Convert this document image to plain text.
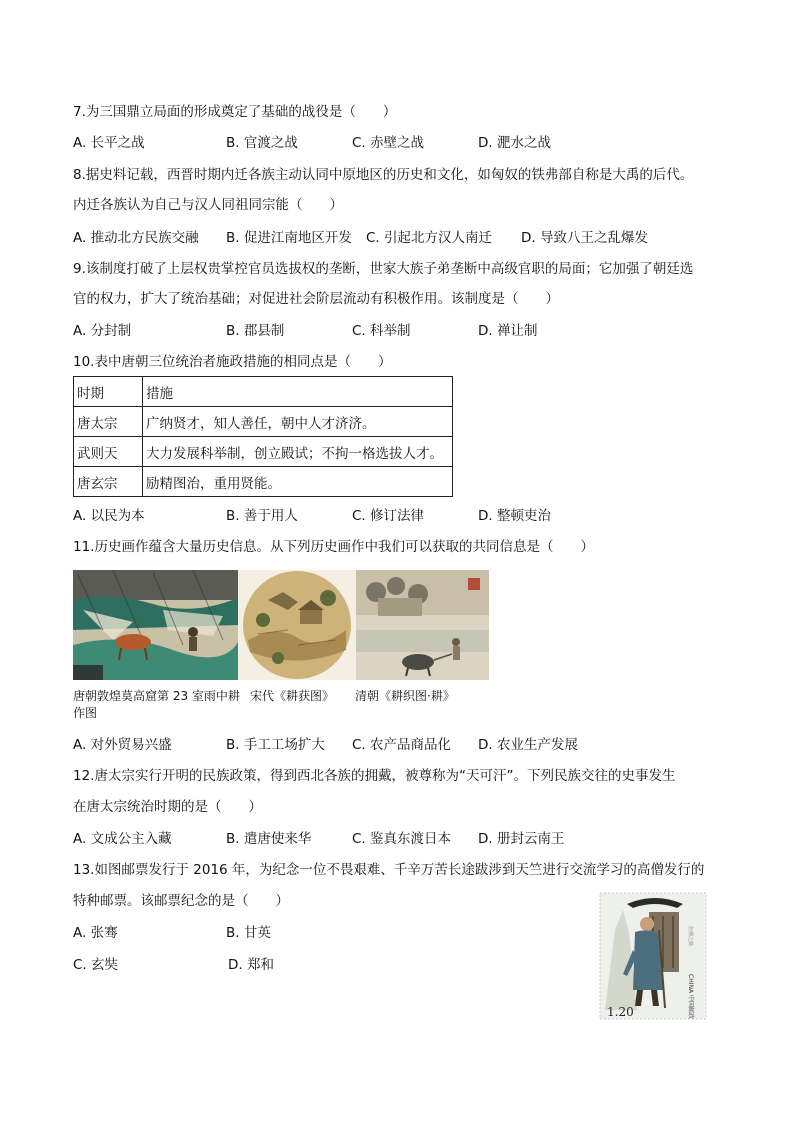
7.为三国鼎立局面的形成奠定了基础的战役是（　　）
A. 长平之战	B. 官渡之战	C. 赤壁之战	D. 淝水之战
8.据史料记载，西晋时期内迁各族主动认同中原地区的历史和文化，如匈奴的铁弗部自称是大禹的后代。
内迁各族认为自己与汉人同祖同宗能（　　）
A. 推动北方民族交融 B. 促进江南地区开发 C. 引起北方汉人南迁 D. 导致八王之乱爆发
9.该制度打破了上层权贵掌控官员选拔权的垄断，世家大族子弟垄断中高级官职的局面；它加强了朝廷选
官的权力，扩大了统治基础；对促进社会阶层流动有积极作用。该制度是（　　）
A. 分封制	B. 郡县制	C. 科举制	D. 禅让制
10.表中唐朝三位统治者施政措施的相同点是（　　）
时期	措施
唐太宗	广纳贤才，知人善任，朝中人才济济。
武则天	大力发展科举制，创立殿试；不拘一格选拔人才。
唐玄宗	励精图治，重用贤能。
A. 以民为本	B. 善于用人	C. 修订法律	D. 整顿吏治
11.历史画作蕴含大量历史信息。从下列历史画作中我们可以获取的共同信息是（　　）
唐朝敦煌莫高窟第 23 室雨中耕
作图
宋代《耕获图》 清朝《耕织图·耕》
A. 对外贸易兴盛	B. 手工工场扩大 C. 农产品商品化 D. 农业生产发展
12.唐太宗实行开明的民族政策，得到西北各族的拥戴，被尊称为“天可汗”。下列民族交往的史事发生
在唐太宗统治时期的是（　　）
A. 文成公主入藏	B. 遣唐使来华	C. 鉴真东渡日本 D. 册封云南王
13.如图邮票发行于 2016 年，为纪念一位不畏艰难、千辛万苦长途跋涉到天竺进行交流学习的高僧发行的
特种邮票。该邮票纪念的是（　　）
A. 张骞	B. 甘英
C. 玄奘	D. 郑和
丝绸之路
1.20	CHINA 中国邮政
